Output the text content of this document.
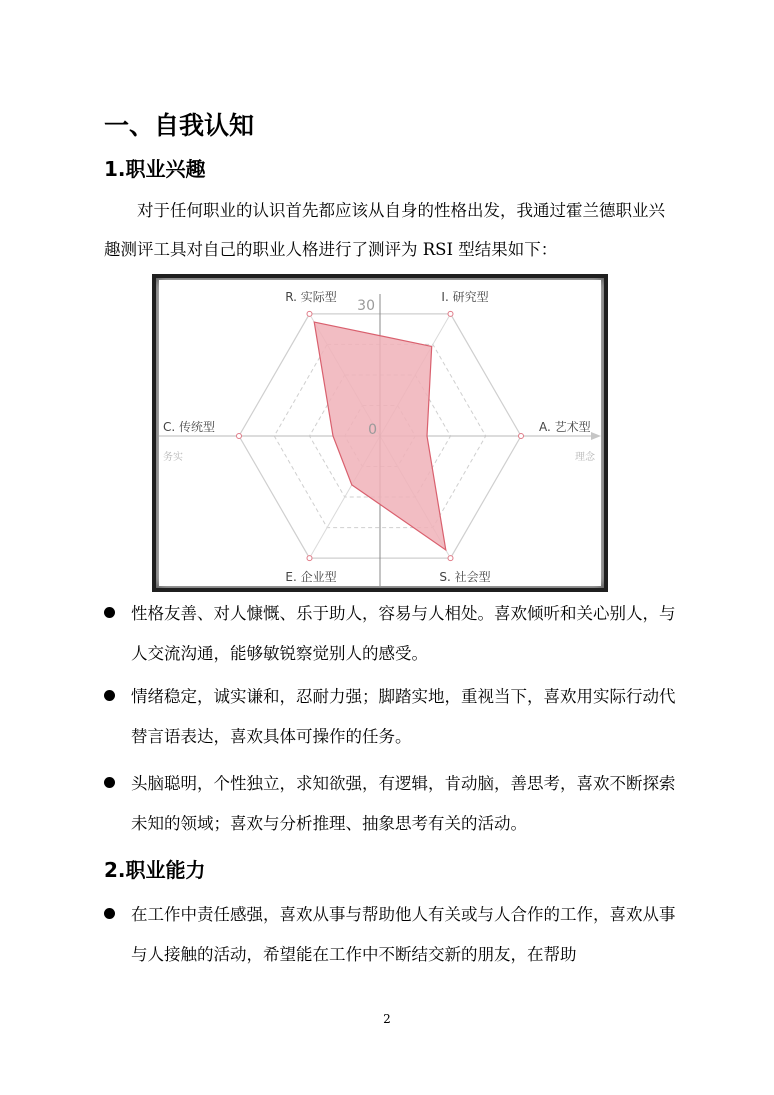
一、自我认知
1.职业兴趣

对于任何职业的认识首先都应该从自身的性格出发，我通过霍兰德职业兴趣测评工具对自己的职业人格进行了测评为 RSI 型结果如下：

30
0
R. 实际型	I. 研究型
A. 艺术型
S. 社会型
E. 企业型
C. 传统型
务实	理念
性格友善、对人慷慨、乐于助人，容易与人相处。喜欢倾听和关心别人，与人交流沟通，能够敏锐察觉别人的感受。
情绪稳定，诚实谦和，忍耐力强；脚踏实地，重视当下，喜欢用实际行动代替言语表达，喜欢具体可操作的任务。
头脑聪明，个性独立，求知欲强，有逻辑，肯动脑，善思考，喜欢不断探索未知的领域；喜欢与分析推理、抽象思考有关的活动。
2.职业能力
在工作中责任感强，喜欢从事与帮助他人有关或与人合作的工作，喜欢从事与人接触的活动，希望能在工作中不断结交新的朋友，在帮助
2
